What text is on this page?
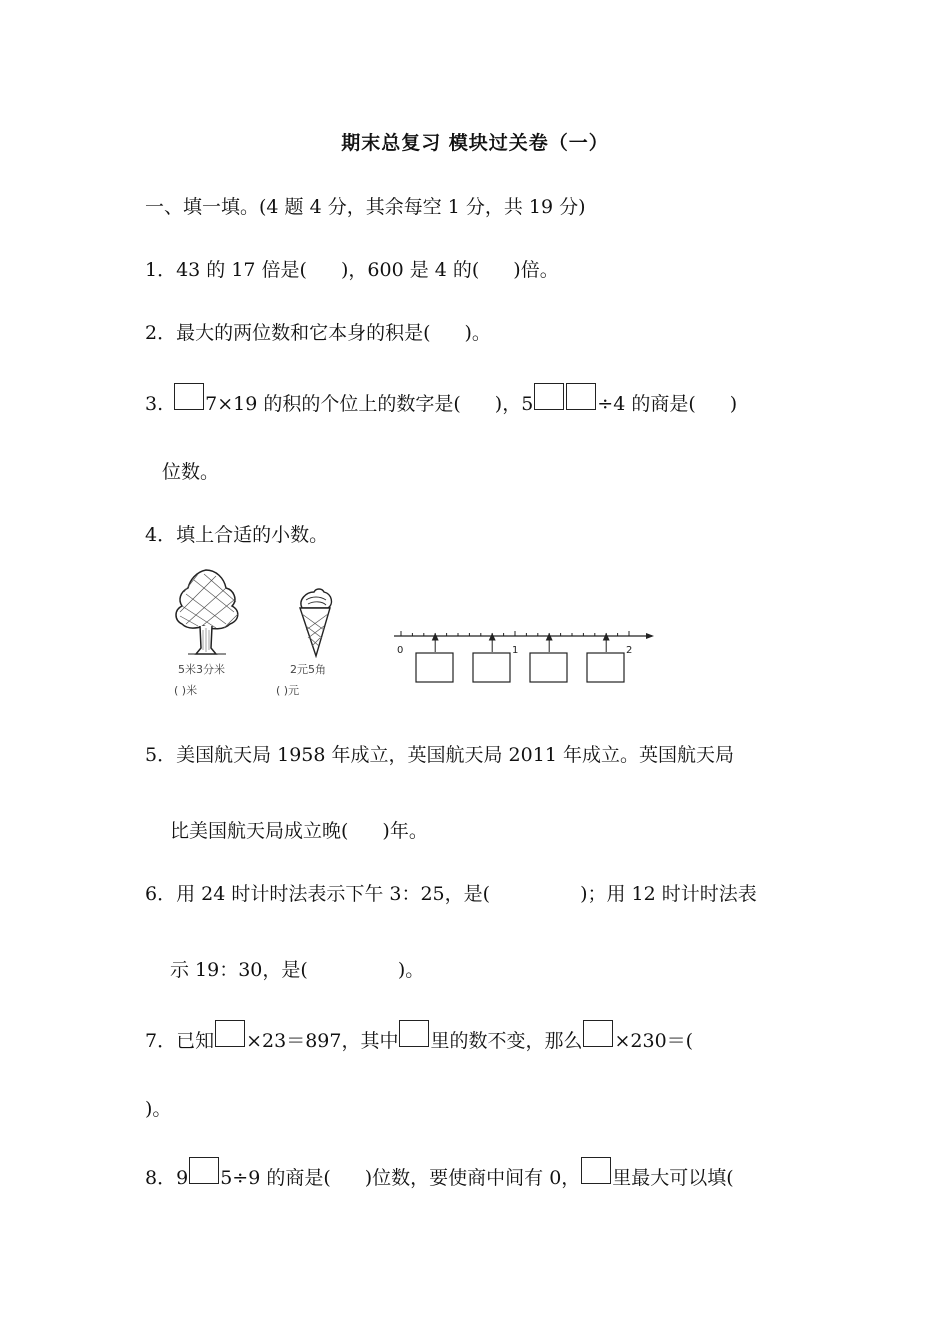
期末总复习 模块过关卷（一）
一、填一填。(4 题 4 分，其余每空 1 分，共 19 分)
1．43 的 17 倍是( )，600 是 4 的( )倍。
2．最大的两位数和它本身的积是( )。
3. 7×19 的积的个位上的数字是( )，5	÷4 的商是( )
位数。
4．填上合适的小数。
5米3分米
( )米
2元5角
( )元
0	1	2
5．美国航天局 1958 年成立，英国航天局 2011 年成立。英国航天局
比美国航天局成立晚( )年。
6．用 24 时计时法表示下午 3：25，是(	)；用 12 时计时法表
示 19：30，是(	)。
7．已知 ×23＝897，其中 里的数不变，那么 ×230＝(
)。
8．9 5÷9 的商是( )位数，要使商中间有 0， 里最大可以填(
